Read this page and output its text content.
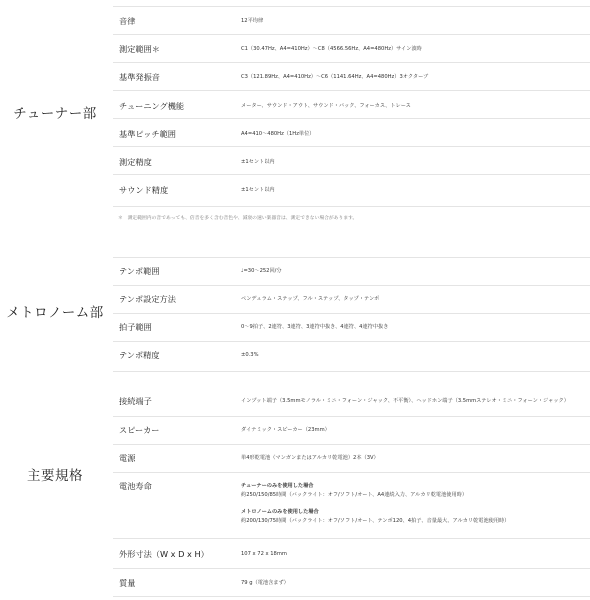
チューナー部
音律	12平均律
測定範囲＊	C1（30.47Hz、A4=410Hz）〜C8（4566.56Hz、A4=480Hz）サイン波時
基準発振音	C3（121.89Hz、A4=410Hz）〜C6（1141.64Hz、A4=480Hz）3オクターブ
チューニング機能	メーター、サウンド・アウト、サウンド・バック、フォーカス、トレース
基準ピッチ範囲	A4=410〜480Hz（1Hz単位）
測定精度	±1セント以内
サウンド精度	±1セント以内
＊　測定範囲内の音であっても、倍音を多く含む音色や、減衰の速い楽器音は、測定できない場合があります。
メトロノーム部
テンポ範囲	♩=30〜252回/分
テンポ設定方法	ペンデュラム・ステップ、フル・ステップ、タップ・テンポ
拍子範囲	0〜9拍子、2連符、3連符、3連符中抜き、4連符、4連符中抜き
テンポ精度	±0.3%
主要規格
接続端子	インプット端子（3.5mmモノラル・ミニ・フォーン・ジャック、不平衡）、ヘッドホン端子（3.5mmステレオ・ミニ・フォーン・ジャック）
スピーカー	ダイナミック・スピーカー（23mm）
電源	単4形乾電池（マンガンまたはアルカリ乾電池）2本（3V）
電池寿命	チューナーのみを使用した場合
約250/150/85時間（バックライト：オフ/ソフト/オート、A4連続入力、アルカリ乾電池使用時）
メトロノームのみを使用した場合
約200/130/75時間（バックライト：オフ/ソフト/オート、テンポ120、4拍子、音量最大、アルカリ乾電池使用時）
外形寸法（W x D x H）	107 x 72 x 18mm
質量	79 g（電池含まず）
